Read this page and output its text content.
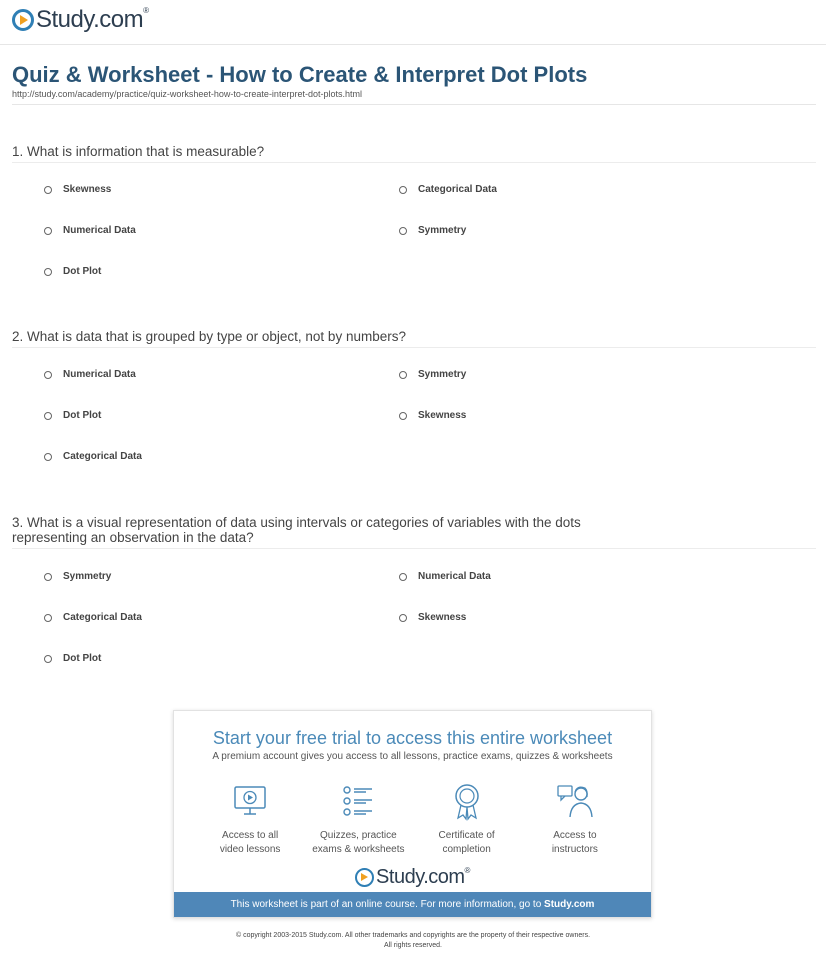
Study.com®
Quiz & Worksheet - How to Create & Interpret Dot Plots
http://study.com/academy/practice/quiz-worksheet-how-to-create-interpret-dot-plots.html
1. What is information that is measurable?
Skewness	Categorical Data
Numerical Data	Symmetry
Dot Plot
2. What is data that is grouped by type or object, not by numbers?
Numerical Data	Symmetry
Dot Plot	Skewness
Categorical Data
3. What is a visual representation of data using intervals or categories of variables with the dots representing an observation in the data?
Symmetry	Numerical Data
Categorical Data	Skewness
Dot Plot
Start your free trial to access this entire worksheet
A premium account gives you access to all lessons, practice exams, quizzes & worksheets
Access to all
video lessons
Quizzes, practice
exams & worksheets
Certificate of
completion
Access to
instructors
Study.com®
This worksheet is part of an online course. For more information, go to Study.com
© copyright 2003-2015 Study.com. All other trademarks and copyrights are the property of their respective owners.
All rights reserved.
